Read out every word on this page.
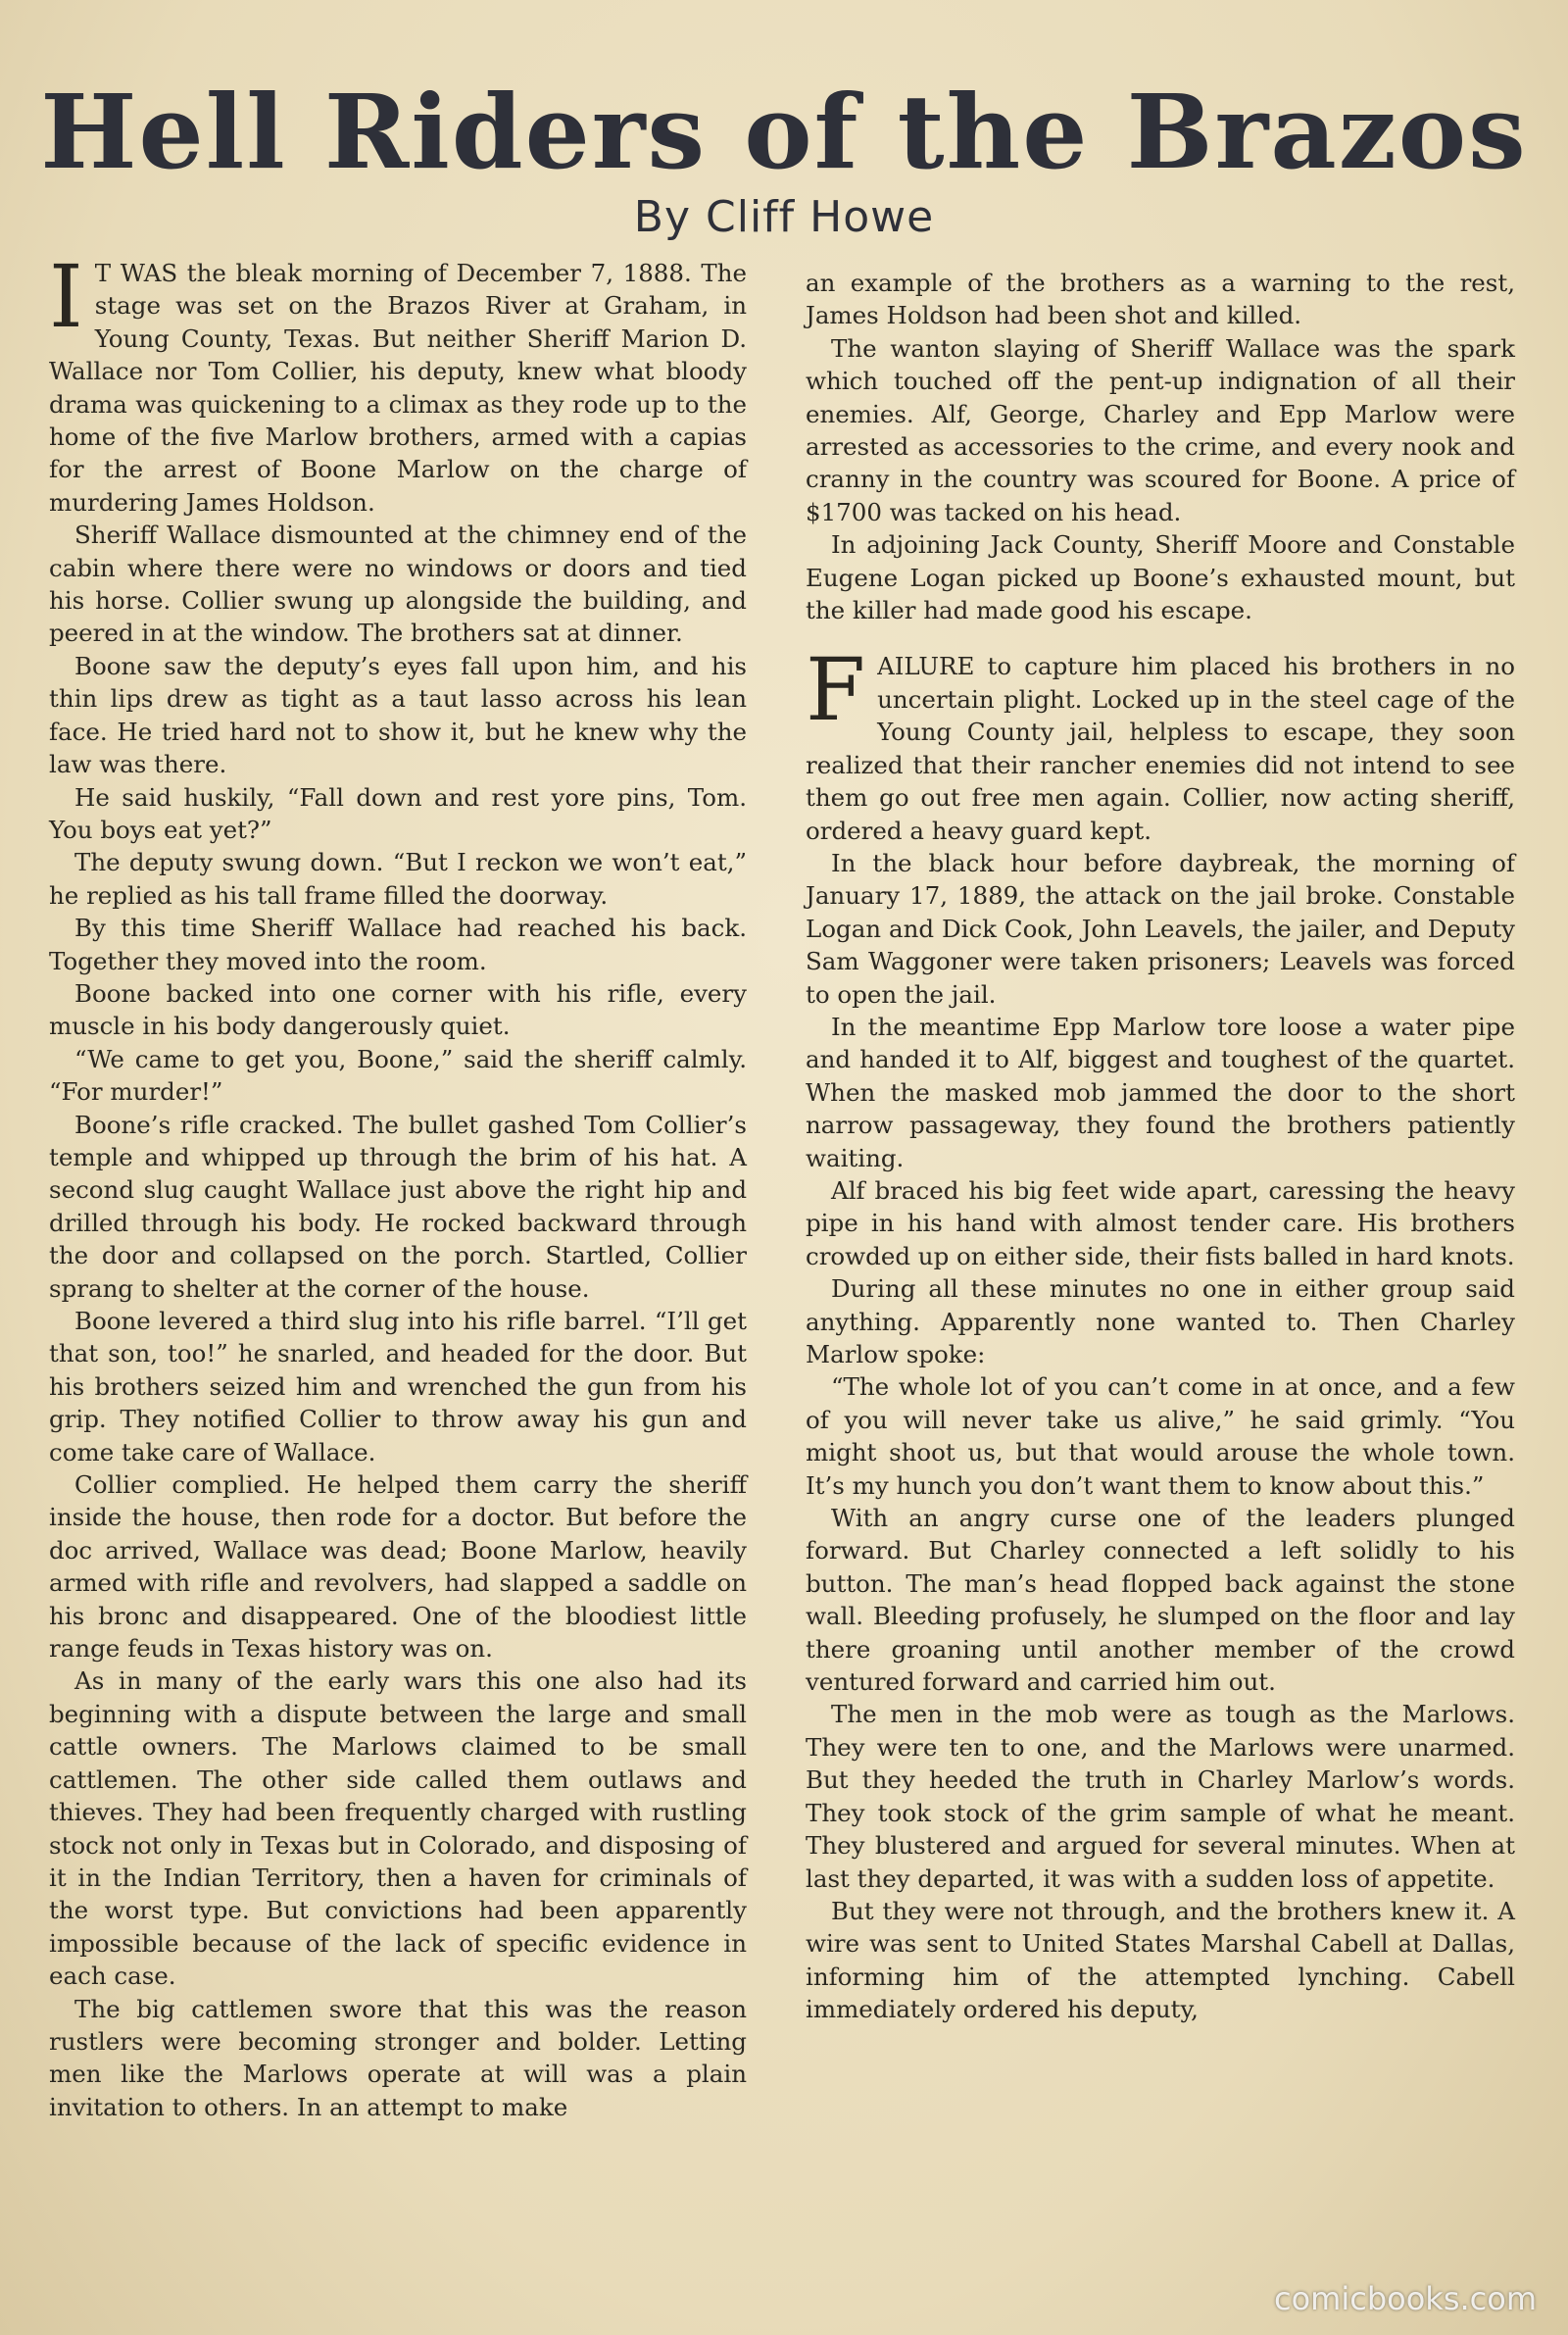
Hell Riders of the Brazos
By Cliff Howe

I T WAS the bleak morning of December 7, 1888. The stage was set on the Brazos River at Graham, in Young County, Texas. But neither Sheriff Marion D. Wallace nor Tom Collier, his deputy, knew what bloody drama was quickening to a climax as they rode up to the home of the five Marlow brothers, armed with a capias for the arrest of Boone Marlow on the charge of murdering James Holdson.

Sheriff Wallace dismounted at the chimney end of the cabin where there were no windows or doors and tied his horse. Collier swung up alongside the building, and peered in at the window. The brothers sat at dinner.

Boone saw the deputy’s eyes fall upon him, and his thin lips drew as tight as a taut lasso across his lean face. He tried hard not to show it, but he knew why the law was there.

He said huskily, “Fall down and rest yore pins, Tom. You boys eat yet?”

The deputy swung down. “But I reckon we won’t eat,” he replied as his tall frame filled the doorway.

By this time Sheriff Wallace had reached his back. Together they moved into the room.

Boone backed into one corner with his rifle, every muscle in his body dangerously quiet.

“We came to get you, Boone,” said the sheriff calmly. “For murder!”

Boone’s rifle cracked. The bullet gashed Tom Collier’s temple and whipped up through the brim of his hat. A second slug caught Wallace just above the right hip and drilled through his body. He rocked backward through the door and collapsed on the porch. Startled, Collier sprang to shelter at the corner of the house.

Boone levered a third slug into his rifle barrel. “I’ll get that son, too!” he snarled, and headed for the door. But his brothers seized him and wrenched the gun from his grip. They notified Collier to throw away his gun and come take care of Wallace.

Collier complied. He helped them carry the sheriff inside the house, then rode for a doctor. But before the doc arrived, Wallace was dead; Boone Marlow, heavily armed with rifle and revolvers, had slapped a saddle on his bronc and disappeared. One of the bloodiest little range feuds in Texas history was on.

As in many of the early wars this one also had its beginning with a dispute between the large and small cattle owners. The Marlows claimed to be small cattlemen. The other side called them outlaws and thieves. They had been frequently charged with rustling stock not only in Texas but in Colorado, and disposing of it in the Indian Territory, then a haven for criminals of the worst type. But convictions had been apparently impossible because of the lack of specific evidence in each case.

The big cattlemen swore that this was the reason rustlers were becoming stronger and bolder. Letting men like the Marlows operate at will was a plain invitation to others. In an attempt to make

an example of the brothers as a warning to the rest, James Holdson had been shot and killed.

The wanton slaying of Sheriff Wallace was the spark which touched off the pent-up indignation of all their enemies. Alf, George, Charley and Epp Marlow were arrested as accessories to the crime, and every nook and cranny in the country was scoured for Boone. A price of $1700 was tacked on his head.

In adjoining Jack County, Sheriff Moore and Constable Eugene Logan picked up Boone’s exhausted mount, but the killer had made good his escape.

FAILURE to capture him placed his brothers in no uncertain plight. Locked up in the steel cage of the Young County jail, helpless to escape, they soon realized that their rancher enemies did not intend to see them go out free men again. Collier, now acting sheriff, ordered a heavy guard kept.

In the black hour before daybreak, the morning of January 17, 1889, the attack on the jail broke. Constable Logan and Dick Cook, John Leavels, the jailer, and Deputy Sam Waggoner were taken prisoners; Leavels was forced to open the jail.

In the meantime Epp Marlow tore loose a water pipe and handed it to Alf, biggest and toughest of the quartet. When the masked mob jammed the door to the short narrow passageway, they found the brothers patiently waiting.

Alf braced his big feet wide apart, caressing the heavy pipe in his hand with almost tender care. His brothers crowded up on either side, their fists balled in hard knots.

During all these minutes no one in either group said anything. Apparently none wanted to. Then Charley Marlow spoke:

“The whole lot of you can’t come in at once, and a few of you will never take us alive,” he said grimly. “You might shoot us, but that would arouse the whole town. It’s my hunch you don’t want them to know about this.”

With an angry curse one of the leaders plunged forward. But Charley connected a left solidly to his button. The man’s head flopped back against the stone wall. Bleeding profusely, he slumped on the floor and lay there groaning until another member of the crowd ventured forward and carried him out.

The men in the mob were as tough as the Marlows. They were ten to one, and the Marlows were unarmed. But they heeded the truth in Charley Marlow’s words. They took stock of the grim sample of what he meant. They blustered and argued for several minutes. When at last they departed, it was with a sudden loss of appetite.

But they were not through, and the brothers knew it. A wire was sent to United States Marshal Cabell at Dallas, informing him of the attempted lynching. Cabell immediately ordered his deputy,

comicbooks.com
